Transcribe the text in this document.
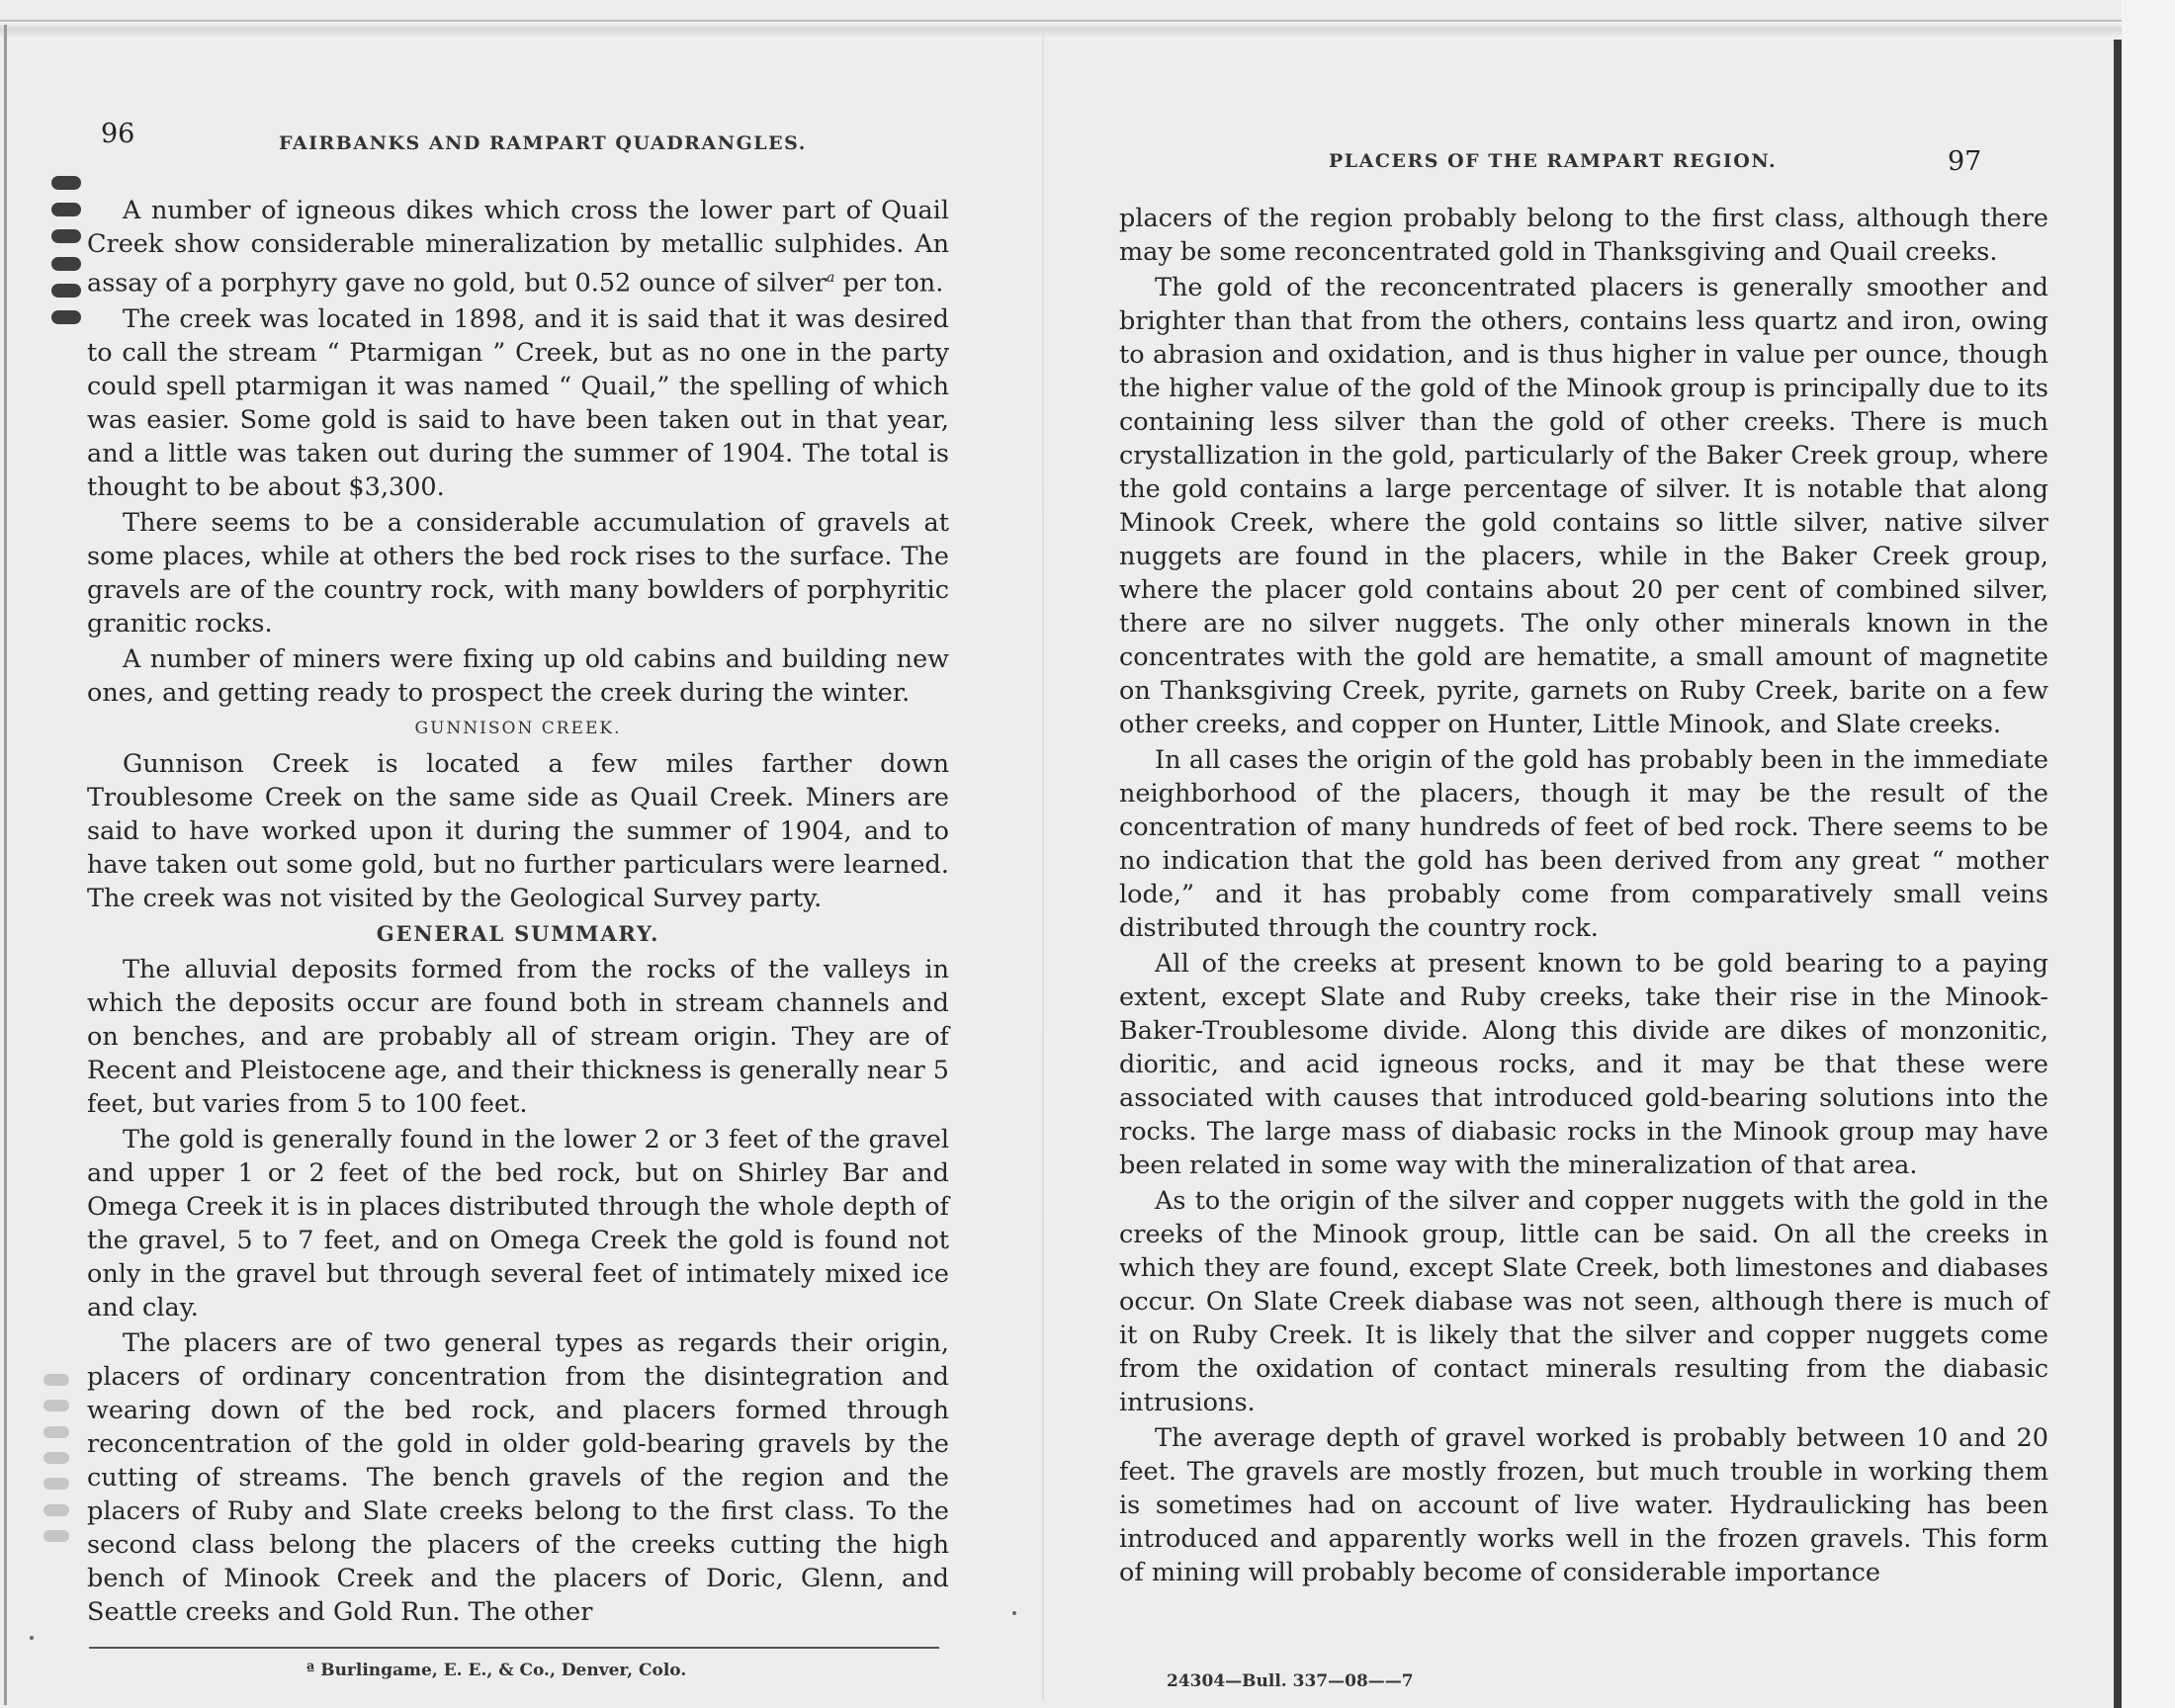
96	FAIRBANKS AND RAMPART QUADRANGLES.

A number of igneous dikes which cross the lower part of Quail Creek show considerable mineralization by metallic sulphides. An assay of a porphyry gave no gold, but 0.52 ounce of silver$^a$ per ton.

The creek was located in 1898, and it is said that it was desired to call the stream “ Ptarmigan ” Creek, but as no one in the party could spell ptarmigan it was named “ Quail,” the spelling of which was easier. Some gold is said to have been taken out in that year, and a little was taken out during the summer of 1904. The total is thought to be about $3,300.

There seems to be a considerable accumulation of gravels at some places, while at others the bed rock rises to the surface. The gravels are of the country rock, with many bowlders of porphyritic granitic rocks.

A number of miners were fixing up old cabins and building new ones, and getting ready to prospect the creek during the winter.

GUNNISON CREEK.

Gunnison Creek is located a few miles farther down Troublesome Creek on the same side as Quail Creek. Miners are said to have worked upon it during the summer of 1904, and to have taken out some gold, but no further particulars were learned. The creek was not visited by the Geological Survey party.

GENERAL SUMMARY.

The alluvial deposits formed from the rocks of the valleys in which the deposits occur are found both in stream channels and on benches, and are probably all of stream origin. They are of Recent and Pleistocene age, and their thickness is generally near 5 feet, but varies from 5 to 100 feet.

The gold is generally found in the lower 2 or 3 feet of the gravel and upper 1 or 2 feet of the bed rock, but on Shirley Bar and Omega Creek it is in places distributed through the whole depth of the gravel, 5 to 7 feet, and on Omega Creek the gold is found not only in the gravel but through several feet of intimately mixed ice and clay.

The placers are of two general types as regards their origin, placers of ordinary concentration from the disintegration and wearing down of the bed rock, and placers formed through reconcentration of the gold in older gold-bearing gravels by the cutting of streams. The bench gravels of the region and the placers of Ruby and Slate creeks belong to the first class. To the second class belong the placers of the creeks cutting the high bench of Minook Creek and the placers of Doric, Glenn, and Seattle creeks and Gold Run. The other

ª Burlingame, E. E., & Co., Denver, Colo.
PLACERS OF THE RAMPART REGION.	97

placers of the region probably belong to the first class, although there may be some reconcentrated gold in Thanksgiving and Quail creeks.

The gold of the reconcentrated placers is generally smoother and brighter than that from the others, contains less quartz and iron, owing to abrasion and oxidation, and is thus higher in value per ounce, though the higher value of the gold of the Minook group is principally due to its containing less silver than the gold of other creeks. There is much crystallization in the gold, particularly of the Baker Creek group, where the gold contains a large percentage of silver. It is notable that along Minook Creek, where the gold contains so little silver, native silver nuggets are found in the placers, while in the Baker Creek group, where the placer gold contains about 20 per cent of combined silver, there are no silver nuggets. The only other minerals known in the concentrates with the gold are hematite, a small amount of magnetite on Thanksgiving Creek, pyrite, garnets on Ruby Creek, barite on a few other creeks, and copper on Hunter, Little Minook, and Slate creeks.

In all cases the origin of the gold has probably been in the immediate neighborhood of the placers, though it may be the result of the concentration of many hundreds of feet of bed rock. There seems to be no indication that the gold has been derived from any great “ mother lode,” and it has probably come from comparatively small veins distributed through the country rock.

All of the creeks at present known to be gold bearing to a paying extent, except Slate and Ruby creeks, take their rise in the Minook-Baker-Troublesome divide. Along this divide are dikes of monzonitic, dioritic, and acid igneous rocks, and it may be that these were associated with causes that introduced gold-bearing solutions into the rocks. The large mass of diabasic rocks in the Minook group may have been related in some way with the mineralization of that area.

As to the origin of the silver and copper nuggets with the gold in the creeks of the Minook group, little can be said. On all the creeks in which they are found, except Slate Creek, both limestones and diabases occur. On Slate Creek diabase was not seen, although there is much of it on Ruby Creek. It is likely that the silver and copper nuggets come from the oxidation of contact minerals resulting from the diabasic intrusions.

The average depth of gravel worked is probably between 10 and 20 feet. The gravels are mostly frozen, but much trouble in working them is sometimes had on account of live water. Hydraulicking has been introduced and apparently works well in the frozen gravels. This form of mining will probably become of considerable importance

24304—Bull. 337—08——7
